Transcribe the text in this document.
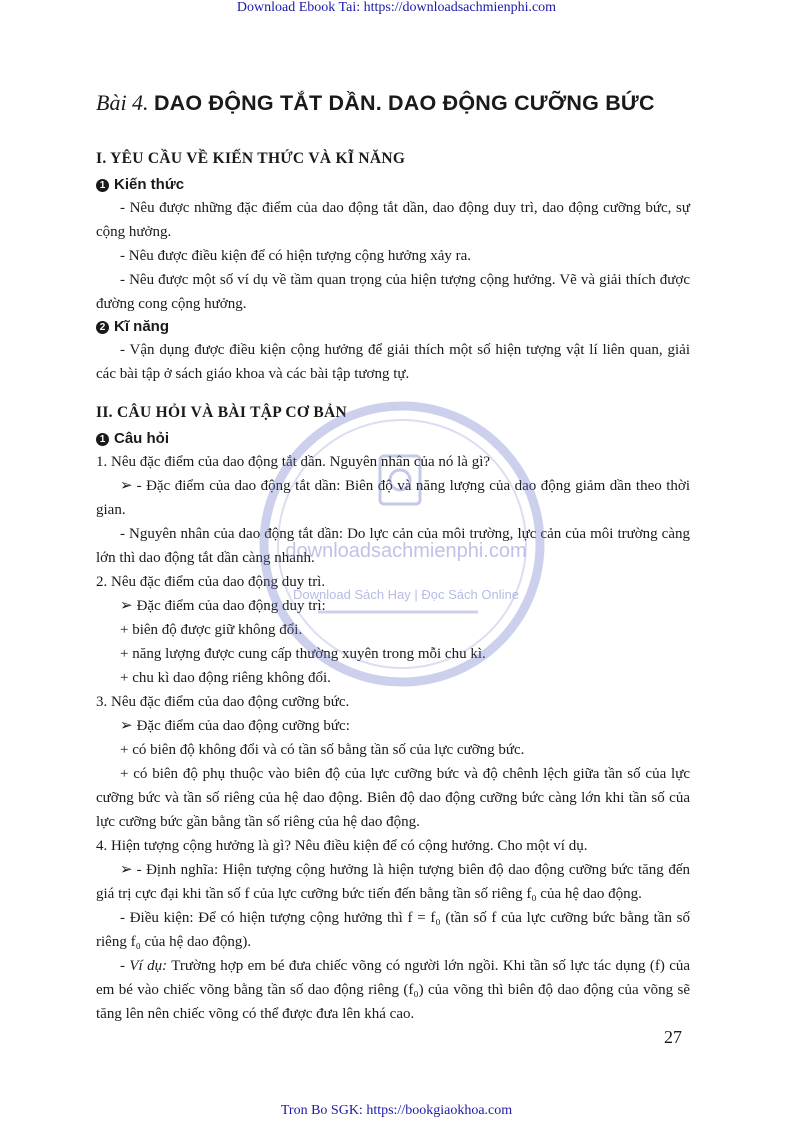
Download Ebook Tai: https://downloadsachmienphi.com
Bài 4. DAO ĐỘNG TẮT DẦN. DAO ĐỘNG CƯỠNG BỨC
I. YÊU CẦU VỀ KIẾN THỨC VÀ KĨ NĂNG
1 Kiến thức

- Nêu được những đặc điểm của dao động tắt dần, dao động duy trì, dao động cưỡng bức, sự cộng hưởng.

- Nêu được điều kiện để có hiện tượng cộng hưởng xảy ra.

- Nêu được một số ví dụ về tầm quan trọng của hiện tượng cộng hưởng. Vẽ và giải thích được đường cong cộng hưởng.

2 Kĩ năng

- Vận dụng được điều kiện cộng hưởng để giải thích một số hiện tượng vật lí liên quan, giải các bài tập ở sách giáo khoa và các bài tập tương tự.

II. CÂU HỎI VÀ BÀI TẬP CƠ BẢN
1 Câu hỏi

1. Nêu đặc điểm của dao động tắt dần. Nguyên nhân của nó là gì?

➢ - Đặc điểm của dao động tắt dần: Biên độ và năng lượng của dao động giảm dần theo thời gian.

- Nguyên nhân của dao động tắt dần: Do lực cản của môi trường, lực cản của môi trường càng lớn thì dao động tắt dần càng nhanh.

2. Nêu đặc điểm của dao động duy trì.

➢ Đặc điểm của dao động duy trì:

+ biên độ được giữ không đổi.

+ năng lượng được cung cấp thường xuyên trong mỗi chu kì.

+ chu kì dao động riêng không đổi.

3. Nêu đặc điểm của dao động cưỡng bức.

➢ Đặc điểm của dao động cưỡng bức:

+ có biên độ không đổi và có tần số bằng tần số của lực cưỡng bức.

+ có biên độ phụ thuộc vào biên độ của lực cưỡng bức và độ chênh lệch giữa tần số của lực cưỡng bức và tần số riêng của hệ dao động. Biên độ dao động cưỡng bức càng lớn khi tần số của lực cưỡng bức gần bằng tần số riêng của hệ dao động.

4. Hiện tượng cộng hưởng là gì? Nêu điều kiện để có cộng hưởng. Cho một ví dụ.

➢ - Định nghĩa: Hiện tượng cộng hưởng là hiện tượng biên độ dao động cưỡng bức tăng đến giá trị cực đại khi tần số f của lực cưỡng bức tiến đến bằng tần số riêng f₀ của hệ dao động.

- Điều kiện: Để có hiện tượng cộng hưởng thì f = f₀ (tần số f của lực cưỡng bức bằng tần số riêng f₀ của hệ dao động).

- Ví dụ: Trường hợp em bé đưa chiếc võng có người lớn ngồi. Khi tần số lực tác dụng (f) của em bé vào chiếc võng bằng tần số dao động riêng (f₀) của võng thì biên độ dao động của võng sẽ tăng lên nên chiếc võng có thể được đưa lên khá cao.

downloadsachmienphi.com
Download Sách Hay | Đọc Sách Online
27
Tron Bo SGK: https://bookgiaokhoa.com
